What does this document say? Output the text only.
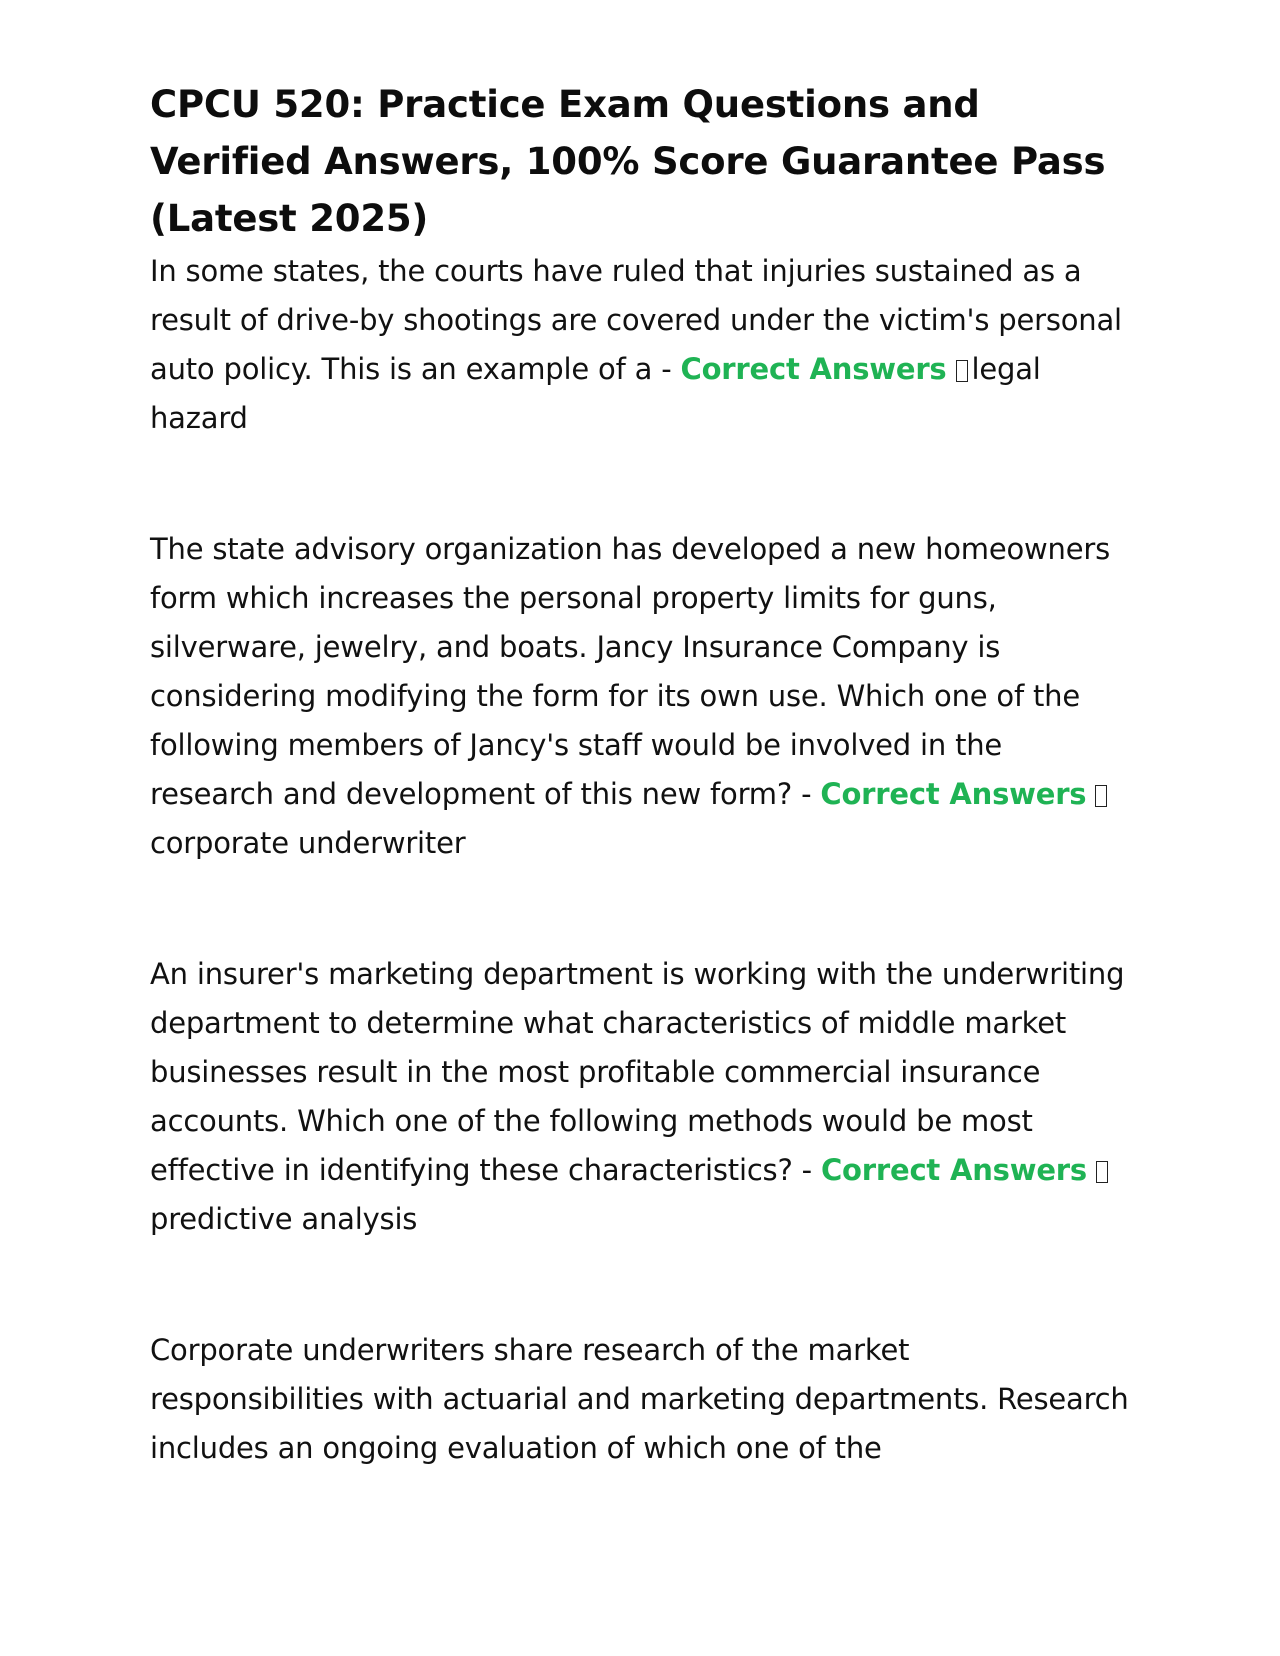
CPCU 520: Practice Exam Questions and Verified Answers, 100% Score Guarantee Pass (Latest 2025)

In some states, the courts have ruled that injuries sustained as a result of drive-by shootings are covered under the victim's personal auto policy. This is an example of a - Correct Answers legal hazard

The state advisory organization has developed a new homeowners form which increases the personal property limits for guns, silverware, jewelry, and boats. Jancy Insurance Company is considering modifying the form for its own use. Which one of the following members of Jancy's staff would be involved in the research and development of this new form? - Correct Answers corporate underwriter

An insurer's marketing department is working with the underwriting department to determine what characteristics of middle market businesses result in the most profitable commercial insurance accounts. Which one of the following methods would be most effective in identifying these characteristics? - Correct Answers predictive analysis

Corporate underwriters share research of the market responsibilities with actuarial and marketing departments. Research includes an ongoing evaluation of which one of the
